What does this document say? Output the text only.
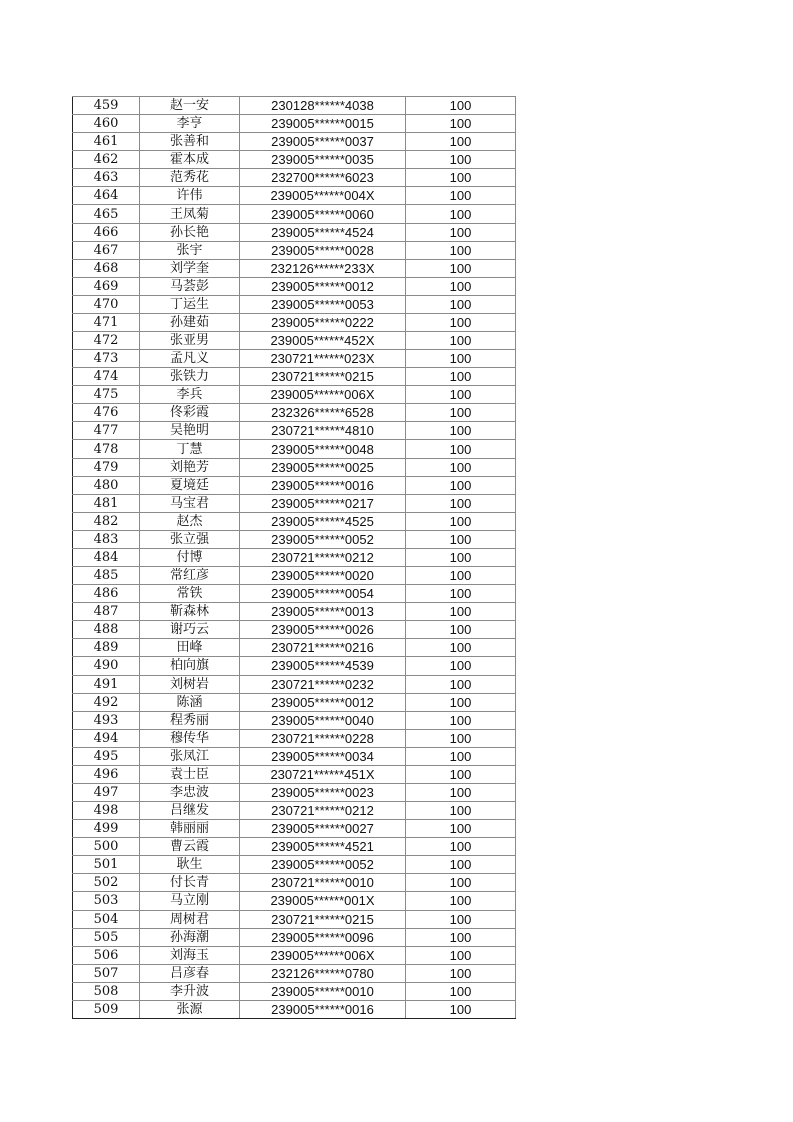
459	赵一安	230128******4038	100
460	李亨	239005******0015	100
461	张善和	239005******0037	100
462	霍本成	239005******0035	100
463	范秀花	232700******6023	100
464	许伟	239005******004X	100
465	王凤菊	239005******0060	100
466	孙长艳	239005******4524	100
467	张宇	239005******0028	100
468	刘学奎	232126******233X	100
469	马荟彭	239005******0012	100
470	丁运生	239005******0053	100
471	孙建茹	239005******0222	100
472	张亚男	239005******452X	100
473	孟凡义	230721******023X	100
474	张铁力	230721******0215	100
475	李兵	239005******006X	100
476	佟彩霞	232326******6528	100
477	吴艳明	230721******4810	100
478	丁慧	239005******0048	100
479	刘艳芳	239005******0025	100
480	夏境廷	239005******0016	100
481	马宝君	239005******0217	100
482	赵杰	239005******4525	100
483	张立强	239005******0052	100
484	付博	230721******0212	100
485	常红彦	239005******0020	100
486	常铁	239005******0054	100
487	靳森林	239005******0013	100
488	谢巧云	239005******0026	100
489	田峰	230721******0216	100
490	柏向旗	239005******4539	100
491	刘树岩	230721******0232	100
492	陈涵	239005******0012	100
493	程秀丽	239005******0040	100
494	穆传华	230721******0228	100
495	张凤江	239005******0034	100
496	袁士臣	230721******451X	100
497	李忠波	239005******0023	100
498	吕继发	230721******0212	100
499	韩丽丽	239005******0027	100
500	曹云霞	239005******4521	100
501	耿生	239005******0052	100
502	付长青	230721******0010	100
503	马立刚	239005******001X	100
504	周树君	230721******0215	100
505	孙海潮	239005******0096	100
506	刘海玉	239005******006X	100
507	吕彦春	232126******0780	100
508	李升波	239005******0010	100
509	张源	239005******0016	100
